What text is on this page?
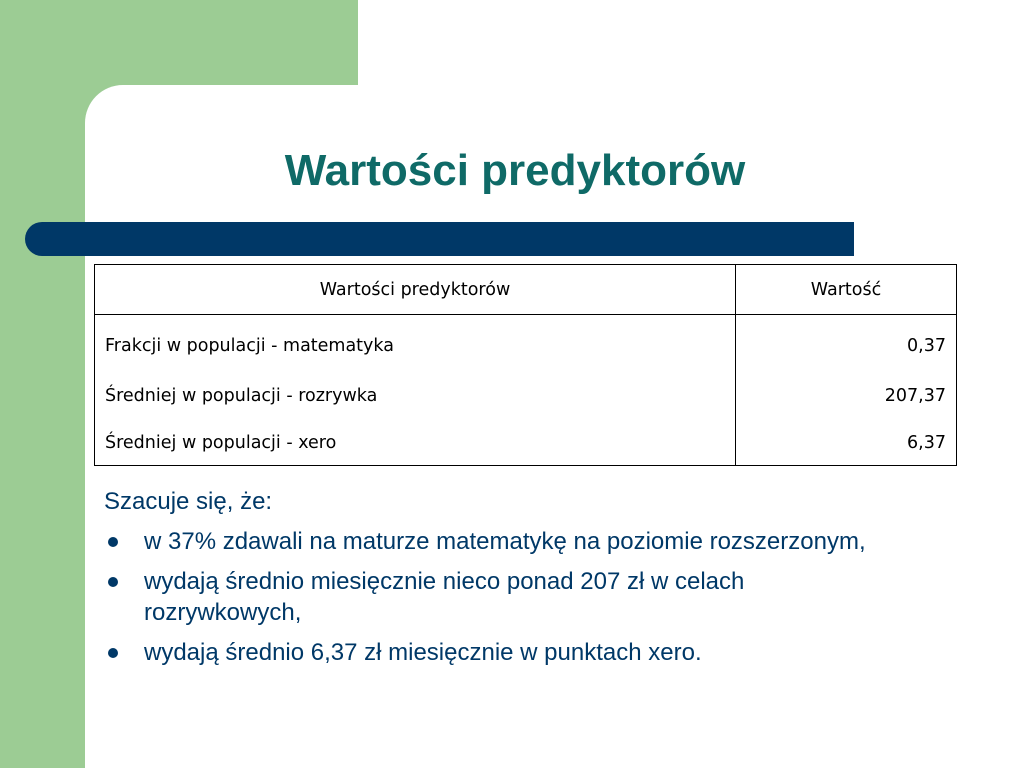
Wartości predyktorów
Wartości predyktorów	Wartość
Frakcji w populacji - matematyka	0,37
Średniej w populacji - rozrywka	207,37
Średniej w populacji - xero	6,37

Szacuje się, że:

w 37% zdawali na maturze matematykę na poziomie rozszerzonym,
wydają średnio miesięcznie nieco ponad 207 zł w celach rozrywkowych,
wydają średnio 6,37 zł miesięcznie w punktach xero.
